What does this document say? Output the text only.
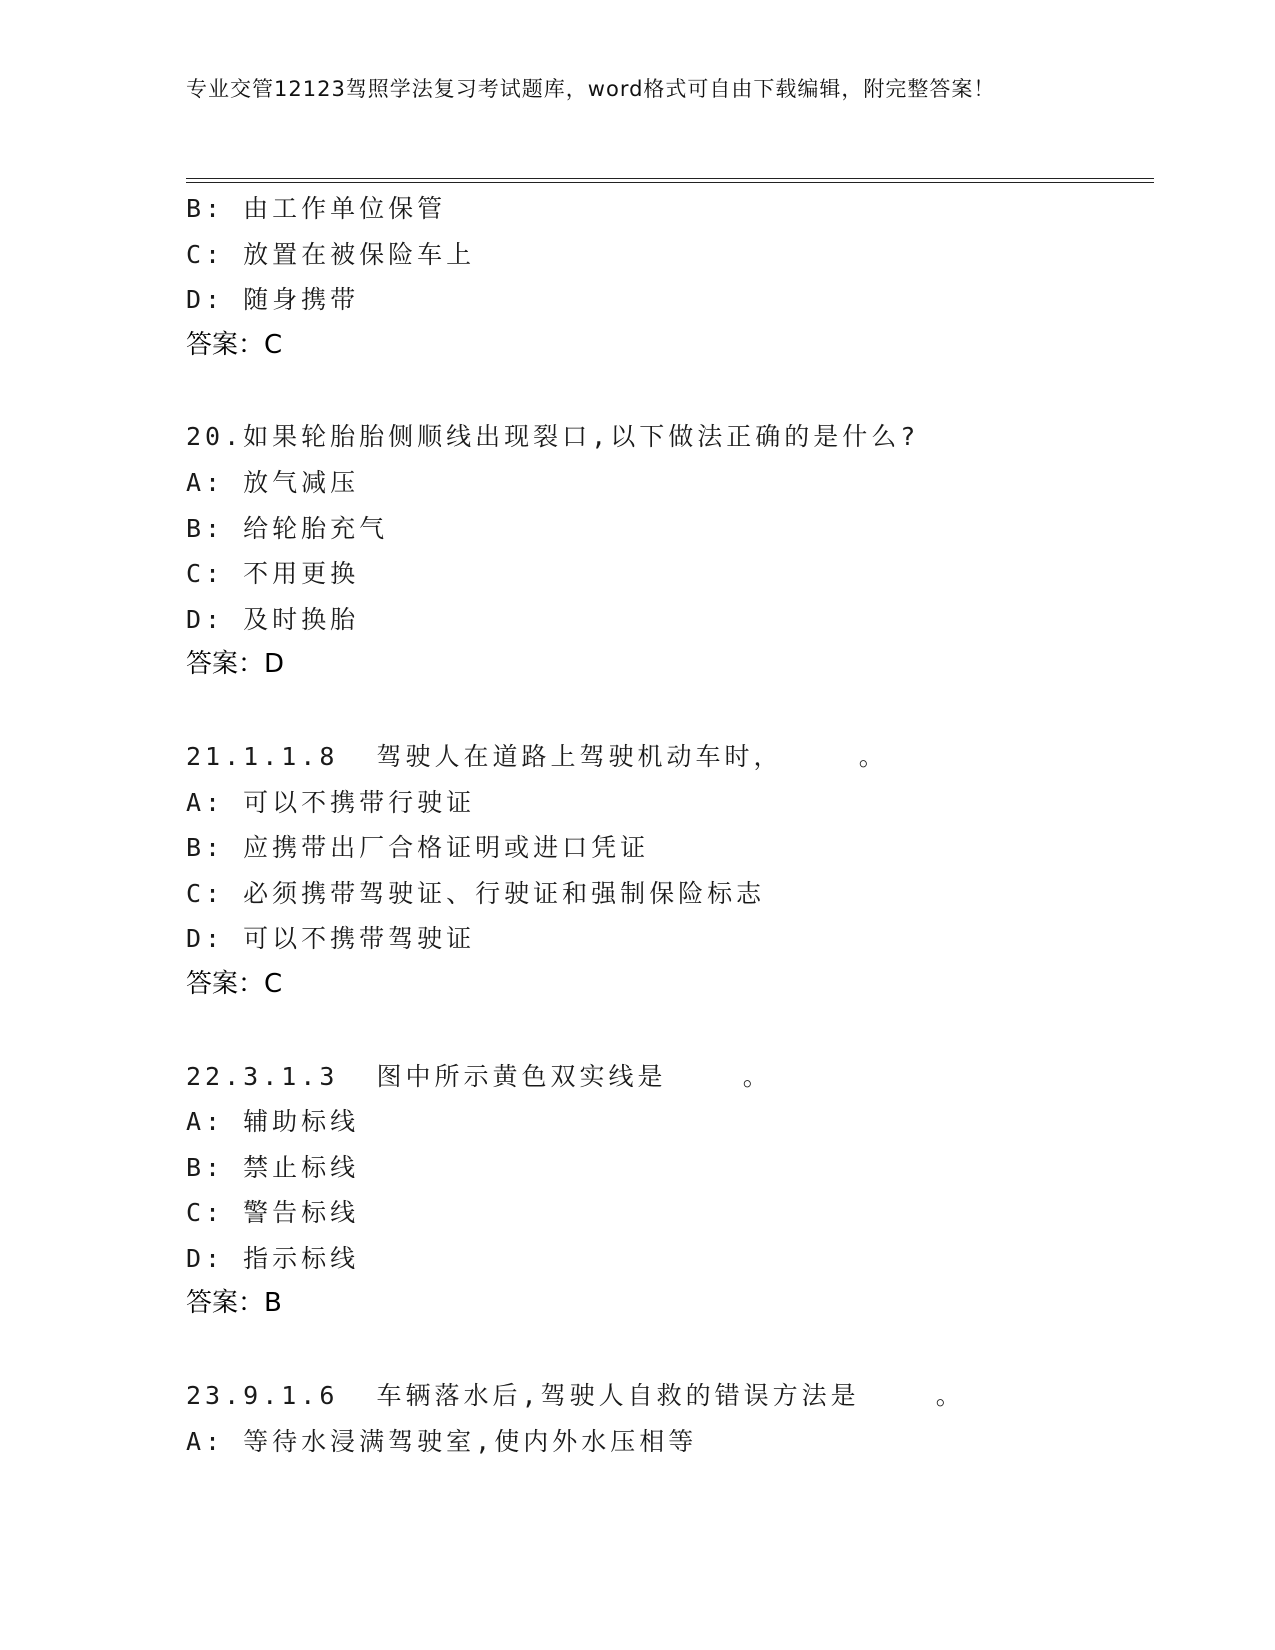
专业交管12123驾照学法复习考试题库，word格式可自由下载编辑，附完整答案！
B: 由工作单位保管
C: 放置在被保险车上
D: 随身携带
答案：C
20.如果轮胎胎侧顺线出现裂口,以下做法正确的是什么?
A: 放气减压
B: 给轮胎充气
C: 不用更换
D: 及时换胎
答案：D
21.1.1.8  驾驶人在道路上驾驶机动车时，    。
A: 可以不携带行驶证
B: 应携带出厂合格证明或进口凭证
C: 必须携带驾驶证、行驶证和强制保险标志
D: 可以不携带驾驶证
答案：C
22.3.1.3  图中所示黄色双实线是    。
A: 辅助标线
B: 禁止标线
C: 警告标线
D: 指示标线
答案：B
23.9.1.6  车辆落水后,驾驶人自救的错误方法是    。
A: 等待水浸满驾驶室,使内外水压相等
